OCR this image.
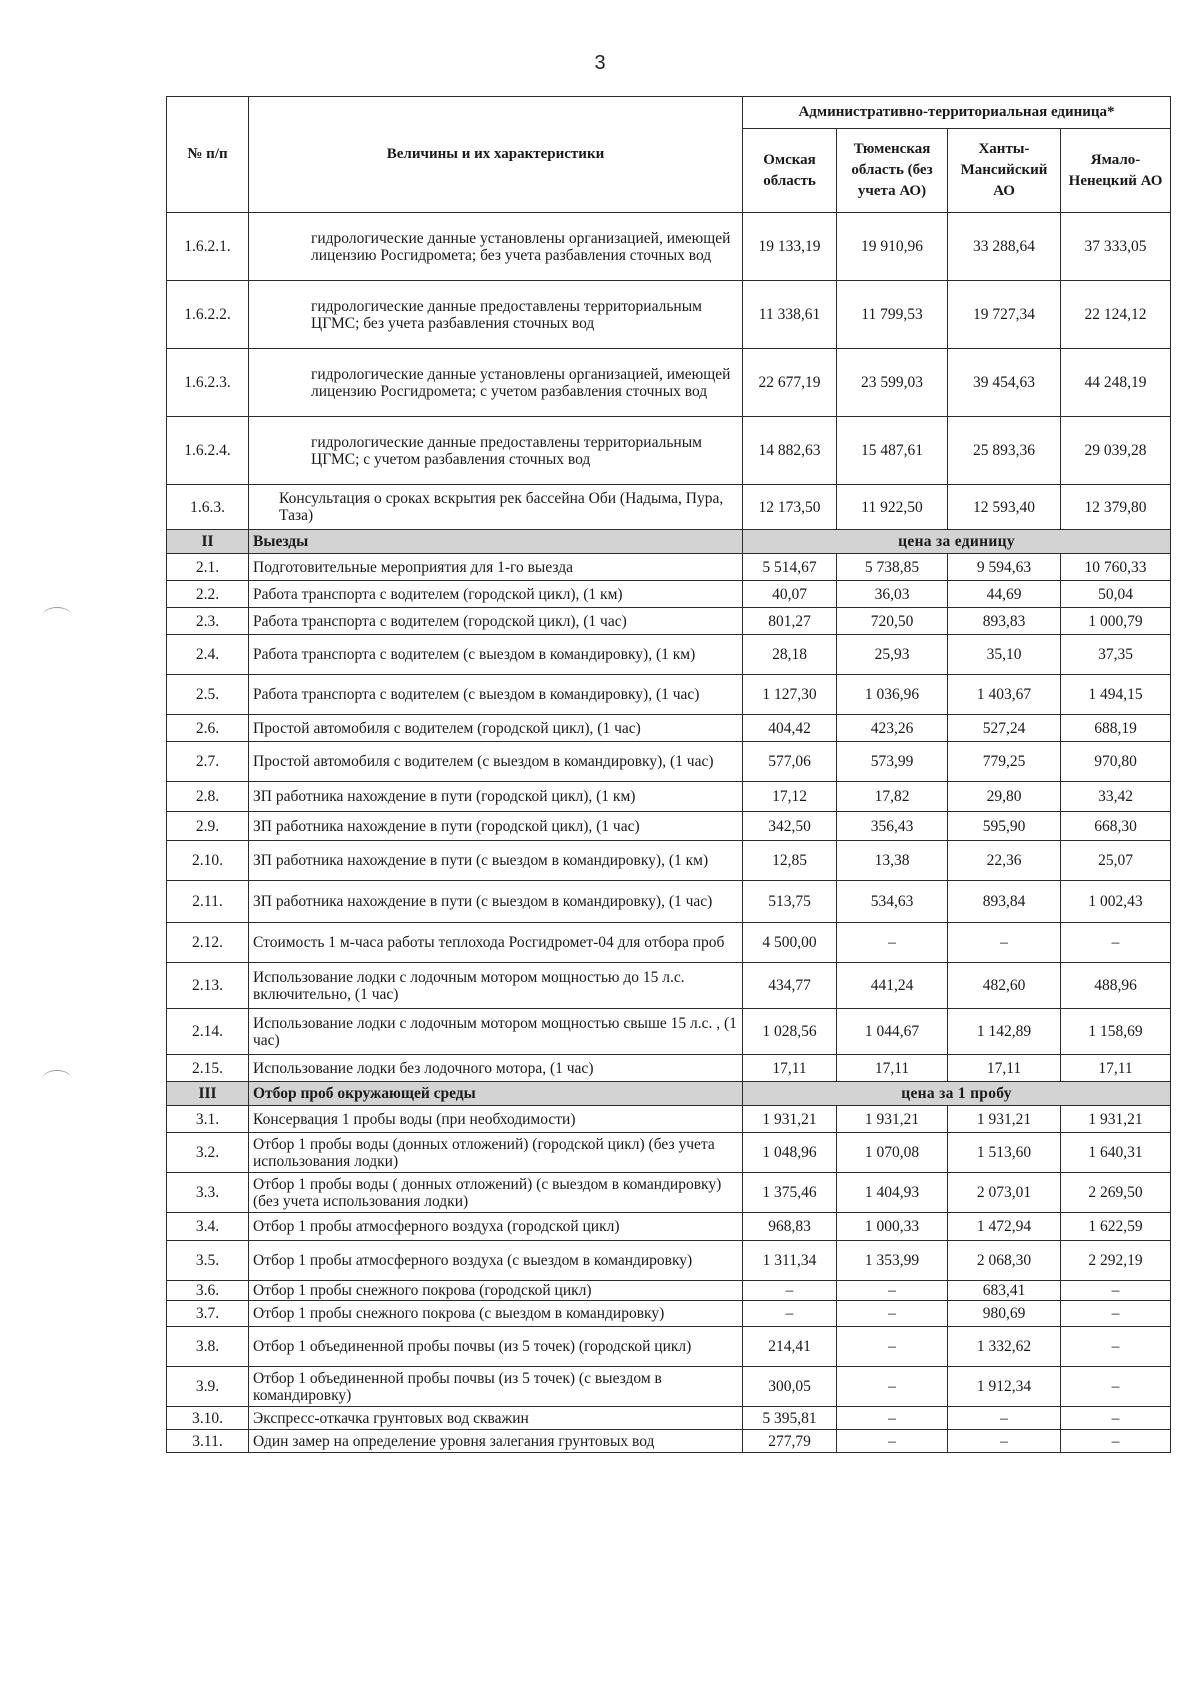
3
№ п/п	Величины и их характеристики	Административно-территориальная единица*			
		Омская область	Тюменская область (без учета АО)	Ханты-Мансийский АО	Ямало-Ненецкий АО
1.6.2.1.	гидрологические данные установлены организацией, имеющей лицензию Росгидромета; без учета разбавления сточных вод	19 133,19	19 910,96	33 288,64	37 333,05
1.6.2.2.	гидрологические данные предоставлены территориальным ЦГМС; без учета разбавления сточных вод	11 338,61	11 799,53	19 727,34	22 124,12
1.6.2.3.	гидрологические данные установлены организацией, имеющей лицензию Росгидромета; с учетом разбавления сточных вод	22 677,19	23 599,03	39 454,63	44 248,19
1.6.2.4.	гидрологические данные предоставлены территориальным ЦГМС; с учетом разбавления сточных вод	14 882,63	15 487,61	25 893,36	29 039,28
1.6.3.	Консультация о сроках вскрытия рек бассейна Оби (Надыма, Пура, Таза)	12 173,50	11 922,50	12 593,40	12 379,80
II	Выезды	цена за единицу			
2.1.	Подготовительные мероприятия для 1-го выезда	5 514,67	5 738,85	9 594,63	10 760,33
2.2.	Работа транспорта с водителем (городской цикл), (1 км)	40,07	36,03	44,69	50,04
2.3.	Работа транспорта с водителем (городской цикл), (1 час)	801,27	720,50	893,83	1 000,79
2.4.	Работа транспорта с водителем (с выездом в командировку), (1 км)	28,18	25,93	35,10	37,35
2.5.	Работа транспорта с водителем (с выездом в командировку), (1 час)	1 127,30	1 036,96	1 403,67	1 494,15
2.6.	Простой автомобиля с водителем (городской цикл), (1 час)	404,42	423,26	527,24	688,19
2.7.	Простой автомобиля с водителем (с выездом в командировку), (1 час)	577,06	573,99	779,25	970,80
2.8.	ЗП работника нахождение в пути (городской цикл), (1 км)	17,12	17,82	29,80	33,42
2.9.	ЗП работника нахождение в пути (городской цикл), (1 час)	342,50	356,43	595,90	668,30
2.10.	ЗП работника нахождение в пути (с выездом в командировку), (1 км)	12,85	13,38	22,36	25,07
2.11.	ЗП работника нахождение в пути (с выездом в командировку), (1 час)	513,75	534,63	893,84	1 002,43
2.12.	Стоимость 1 м-часа работы теплохода Росгидромет-04 для отбора проб	4 500,00	–	–	–
2.13.	Использование лодки с лодочным мотором мощностью до 15 л.с. включительно, (1 час)	434,77	441,24	482,60	488,96
2.14.	Использование лодки с лодочным мотором мощностью свыше 15 л.с. , (1 час)	1 028,56	1 044,67	1 142,89	1 158,69
2.15.	Использование лодки без лодочного мотора, (1 час)	17,11	17,11	17,11	17,11
III	Отбор проб окружающей среды	цена за 1 пробу			
3.1.	Консервация 1 пробы воды (при необходимости)	1 931,21	1 931,21	1 931,21	1 931,21
3.2.	Отбор 1 пробы воды (донных отложений) (городской цикл) (без учета использования лодки)	1 048,96	1 070,08	1 513,60	1 640,31
3.3.	Отбор 1 пробы воды ( донных отложений) (с выездом в командировку) (без учета использования лодки)	1 375,46	1 404,93	2 073,01	2 269,50
3.4.	Отбор 1 пробы атмосферного воздуха (городской цикл)	968,83	1 000,33	1 472,94	1 622,59
3.5.	Отбор 1 пробы атмосферного воздуха (с выездом в командировку)	1 311,34	1 353,99	2 068,30	2 292,19
3.6.	Отбор 1 пробы снежного покрова (городской цикл)	–	–	683,41	–
3.7.	Отбор 1 пробы снежного покрова (с выездом в командировку)	–	–	980,69	–
3.8.	Отбор 1 объединенной пробы почвы (из 5 точек) (городской цикл)	214,41	–	1 332,62	–
3.9.	Отбор 1 объединенной пробы почвы (из 5 точек) (с выездом в командировку)	300,05	–	1 912,34	–
3.10.	Экспресс-откачка грунтовых вод скважин	5 395,81	–	–	–
3.11.	Один замер на определение уровня залегания грунтовых вод	277,79	–	–	–
